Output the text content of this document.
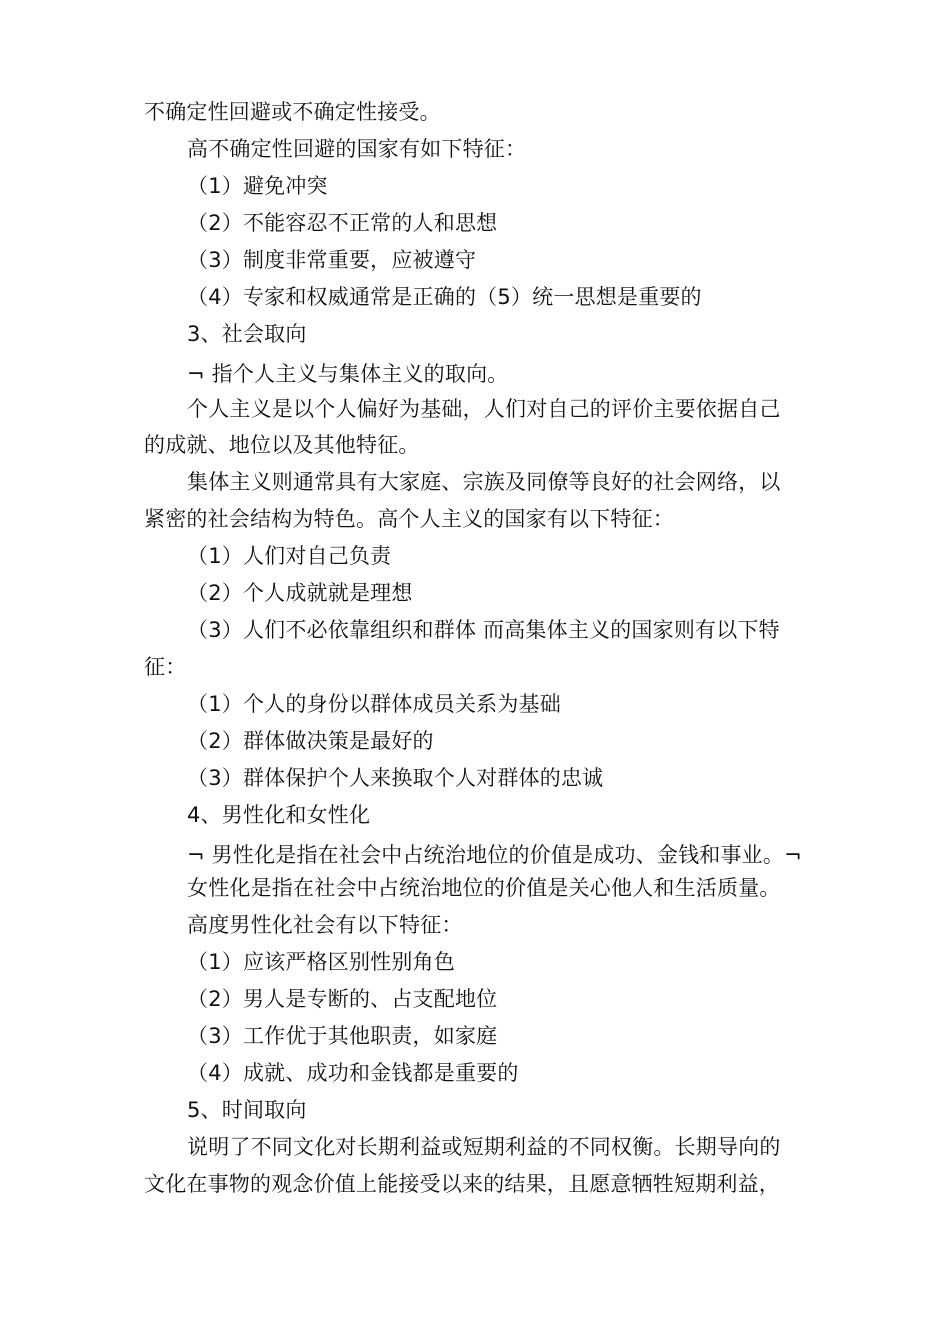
不确定性回避或不确定性接受。
高不确定性回避的国家有如下特征：
（1）避免冲突
（2）不能容忍不正常的人和思想
（3）制度非常重要，应被遵守
（4）专家和权威通常是正确的（5）统一思想是重要的
3、社会取向
¬ 指个人主义与集体主义的取向。
个人主义是以个人偏好为基础，人们对自己的评价主要依据自己
的成就、地位以及其他特征。
集体主义则通常具有大家庭、宗族及同僚等良好的社会网络，以
紧密的社会结构为特色。高个人主义的国家有以下特征：
（1）人们对自己负责
（2）个人成就就是理想
（3）人们不必依靠组织和群体 而高集体主义的国家则有以下特
征：
（1）个人的身份以群体成员关系为基础
（2）群体做决策是最好的
（3）群体保护个人来换取个人对群体的忠诚
4、男性化和女性化
¬ 男性化是指在社会中占统治地位的价值是成功、金钱和事业。¬
女性化是指在社会中占统治地位的价值是关心他人和生活质量。
高度男性化社会有以下特征：
（1）应该严格区别性别角色
（2）男人是专断的、占支配地位
（3）工作优于其他职责，如家庭
（4）成就、成功和金钱都是重要的
5、时间取向
说明了不同文化对长期利益或短期利益的不同权衡。长期导向的
文化在事物的观念价值上能接受以来的结果，且愿意牺牲短期利益，
